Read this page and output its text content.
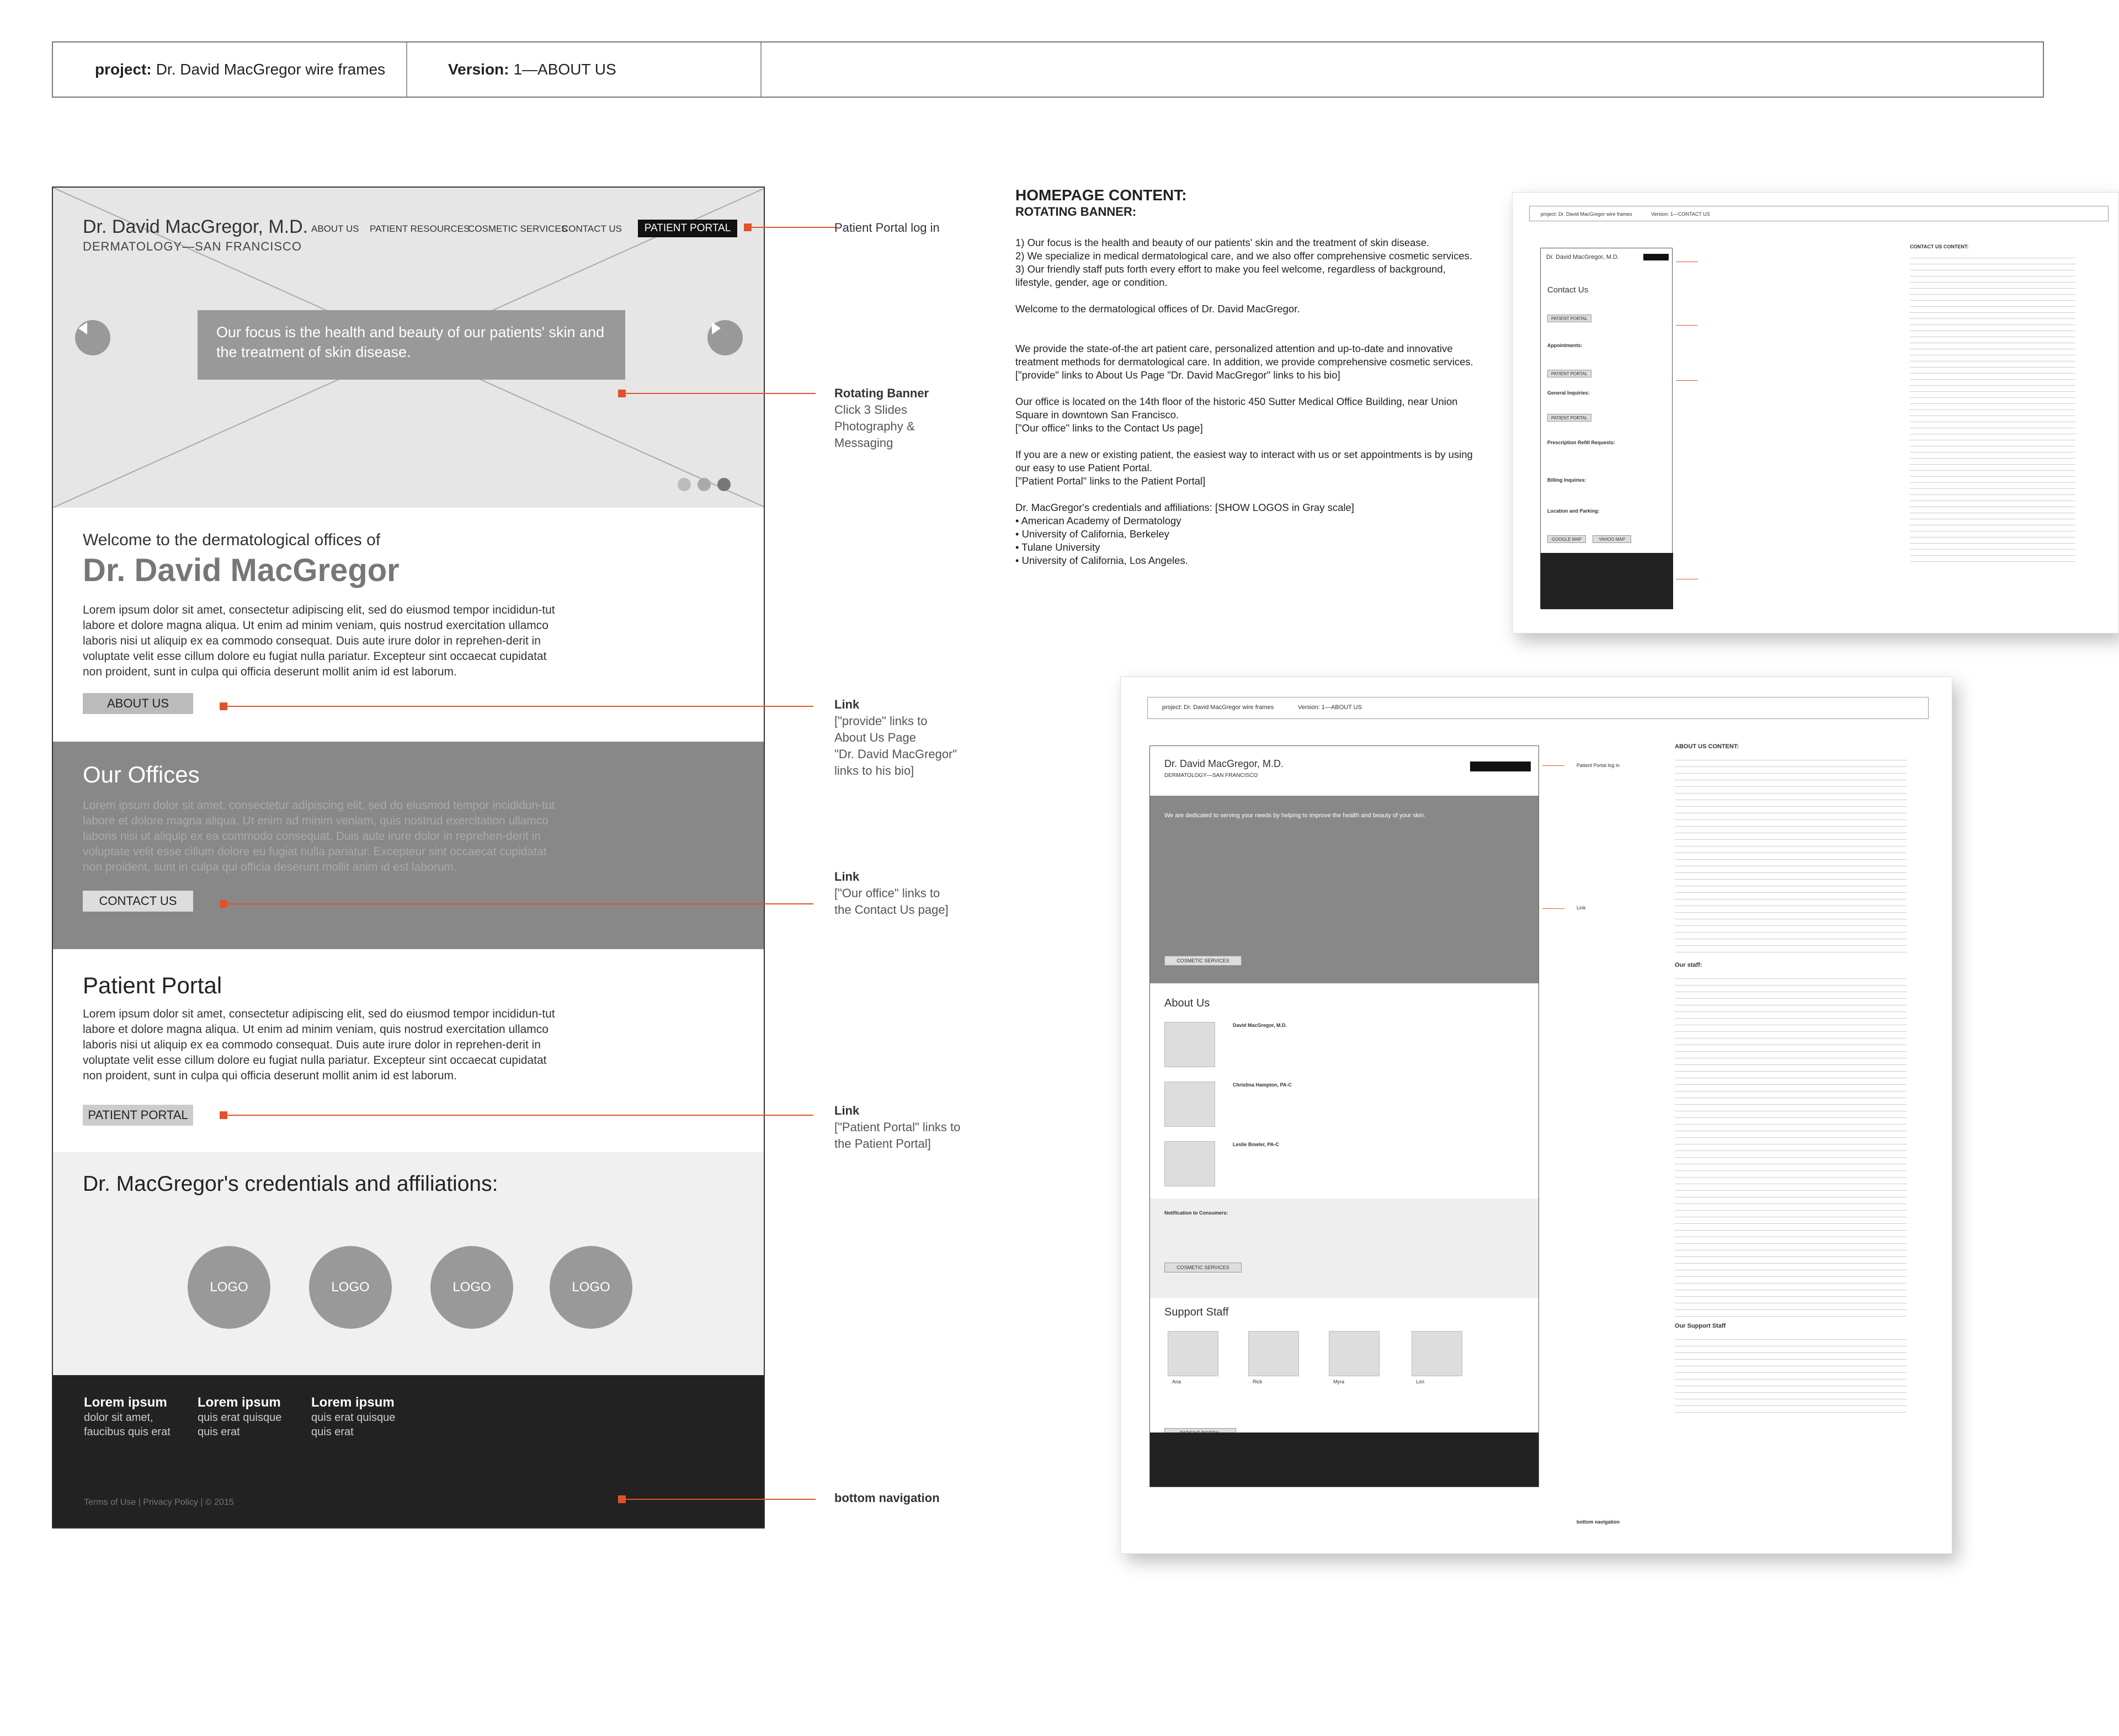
project: Dr. David MacGregor wire frames	Version: 1—ABOUT US
Dr. David MacGregor, M.D.
DERMATOLOGY—SAN FRANCISCO
ABOUT US PATIENT RESOURCES
COSMETIC SERVICES
CONTACT US	PATIENT PORTAL
Our focus is the health and beauty of our patients' skin and the treatment of skin disease.
Welcome to the dermatological offices of
Dr. David MacGregor
Lorem ipsum dolor sit amet, consectetur adipiscing elit, sed do eiusmod tempor incididun-tut labore et dolore magna aliqua. Ut enim ad minim veniam, quis nostrud exercitation ullamco laboris nisi ut aliquip ex ea commodo consequat. Duis aute irure dolor in reprehen-derit in voluptate velit esse cillum dolore eu fugiat nulla pariatur. Excepteur sint occaecat cupidatat non proident, sunt in culpa qui officia deserunt mollit anim id est laborum.
ABOUT US
Our Offices
Lorem ipsum dolor sit amet, consectetur adipiscing elit, sed do eiusmod tempor incididun-tut labore et dolore magna aliqua. Ut enim ad minim veniam, quis nostrud exercitation ullamco laboris nisi ut aliquip ex ea commodo consequat. Duis aute irure dolor in reprehen-derit in voluptate velit esse cillum dolore eu fugiat nulla pariatur. Excepteur sint occaecat cupidatat non proident, sunt in culpa qui officia deserunt mollit anim id est laborum.
CONTACT US
Patient Portal
Lorem ipsum dolor sit amet, consectetur adipiscing elit, sed do eiusmod tempor incididun-tut labore et dolore magna aliqua. Ut enim ad minim veniam, quis nostrud exercitation ullamco laboris nisi ut aliquip ex ea commodo consequat. Duis aute irure dolor in reprehen-derit in voluptate velit esse cillum dolore eu fugiat nulla pariatur. Excepteur sint occaecat cupidatat non proident, sunt in culpa qui officia deserunt mollit anim id est laborum.
PATIENT PORTAL
Dr. MacGregor's credentials and affiliations:
LOGO	LOGO	LOGO	LOGO
Lorem ipsum
dolor sit amet,
faucibus quis erat
Lorem ipsum
quis erat quisque
quis erat
Lorem ipsum
quis erat quisque
quis erat
Terms of Use | Privacy Policy | © 2015
Patient Portal log in
Rotating Banner
Click 3 Slides
Photography &
Messaging
Link
["provide" links to
About Us Page
"Dr. David MacGregor"
links to his bio]
Link
["Our office" links to
the Contact Us page]
Link
["Patient Portal" links to
the Patient Portal]
bottom navigation
HOMEPAGE CONTENT:
ROTATING BANNER:
1) Our focus is the health and beauty of our patients' skin and the treatment of skin disease.
2) We specialize in medical dermatological care, and we also offer comprehensive cosmetic services.

3) Our friendly staff puts forth every effort to make you feel welcome, regardless of background, lifestyle, gender, age or condition.

Welcome to the dermatological offices of Dr. David MacGregor.

We provide the state-of-the art patient care, personalized attention and up-to-date and innovative treatment methods for dermatological care. In addition, we provide comprehensive cosmetic services.

["provide" links to About Us Page "Dr. David MacGregor" links to his bio]

Our office is located on the 14th floor of the historic 450 Sutter Medical Office Building, near Union Square in downtown San Francisco.

["Our office" links to the Contact Us page]

If you are a new or existing patient, the easiest way to interact with us or set appointments is by using our easy to use Patient Portal.

["Patient Portal" links to the Patient Portal]

Dr. MacGregor's credentials and affiliations: [SHOW LOGOS in Gray scale]
• American Academy of Dermatology
• University of California, Berkeley
• Tulane University
• University of California, Los Angeles.
project: Dr. David MacGregor wire frames	Version: 1—CONTACT US
Dr. David MacGregor, M.D.
Contact Us
PATIENT PORTAL
Appointments:
PATIENT PORTAL
General Inquiries:
PATIENT PORTAL
Prescription Refill Requests:
Billing Inquiries:
Location and Parking:
GOOGLE MAP	YAHOO MAP
CONTACT US CONTENT:
project: Dr. David MacGregor wire frames	Version: 1—ABOUT US
Dr. David MacGregor, M.D.
DERMATOLOGY—SAN FRANCISCO
We are dedicated to serving your needs by helping to improve the health and beauty of your skin.
COSMETIC SERVICES
About Us
David MacGregor, M.D.
Christina Hampton, PA-C
Leslie Bowler, PA-C
Notification to Consumers:
COSMETIC SERVICES
Support Staff
Ana	Rick	Myra	Lori
Patient Portal log in
Link
bottom navigation
ABOUT US CONTENT:
Our staff:
Our Support Staff
